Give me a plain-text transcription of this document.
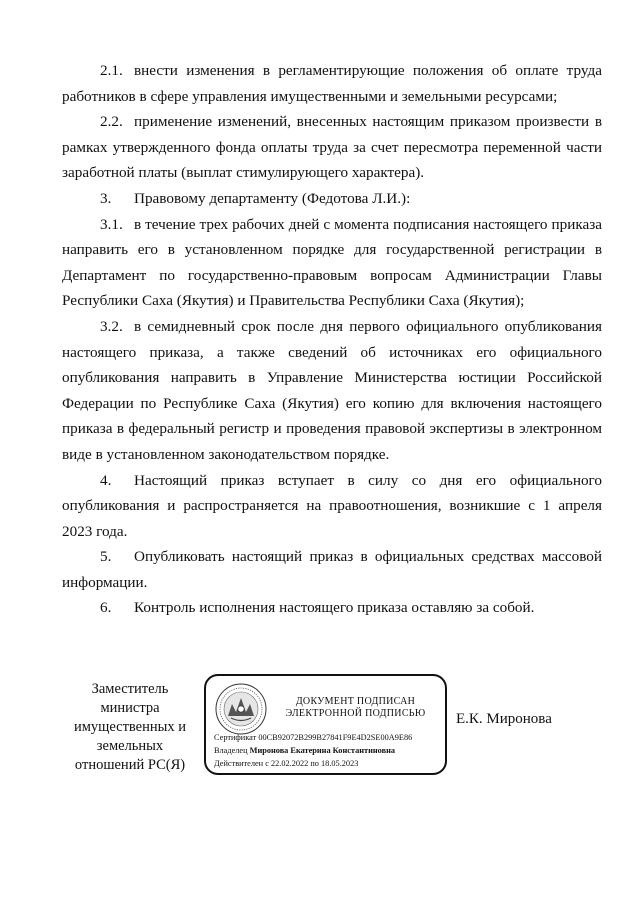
2.1. внести изменения в регламентирующие положения об оплате труда работников в сфере управления имущественными и земельными ресурсами;

2.2. применение изменений, внесенных настоящим приказом произвести в рамках утвержденного фонда оплаты труда за счет пересмотра переменной части заработной платы (выплат стимулирующего характера).

3. Правовому департаменту (Федотова Л.И.):

3.1. в течение трех рабочих дней с момента подписания настоящего приказа направить его в установленном порядке для государственной регистрации в Департамент по государственно-правовым вопросам Администрации Главы Республики Саха (Якутия) и Правительства Республики Саха (Якутия);

3.2. в семидневный срок после дня первого официального опубликования настоящего приказа, а также сведений об источниках его официального опубликования направить в Управление Министерства юстиции Российской Федерации по Республике Саха (Якутия) его копию для включения настоящего приказа в федеральный регистр и проведения правовой экспертизы в электронном виде в установленном законодательством порядке.

4. Настоящий приказ вступает в силу со дня его официального опубликования и распространяется на правоотношения, возникшие с 1 апреля 2023 года.

5. Опубликовать настоящий приказ в официальных средствах массовой информации.

6. Контроль исполнения настоящего приказа оставляю за собой.

Заместитель
министра
имущественных и
земельных
отношений РС(Я)
ДОКУМЕНТ ПОДПИСАН
ЭЛЕКТРОННОЙ ПОДПИСЬЮ
Сертификат 00CB92072B299B27841F9E4D2SE00A9E86
Владелец Миронова Екатерина Константиновна
Действителен с 22.02.2022 по 18.05.2023
Е.К. Миронова
